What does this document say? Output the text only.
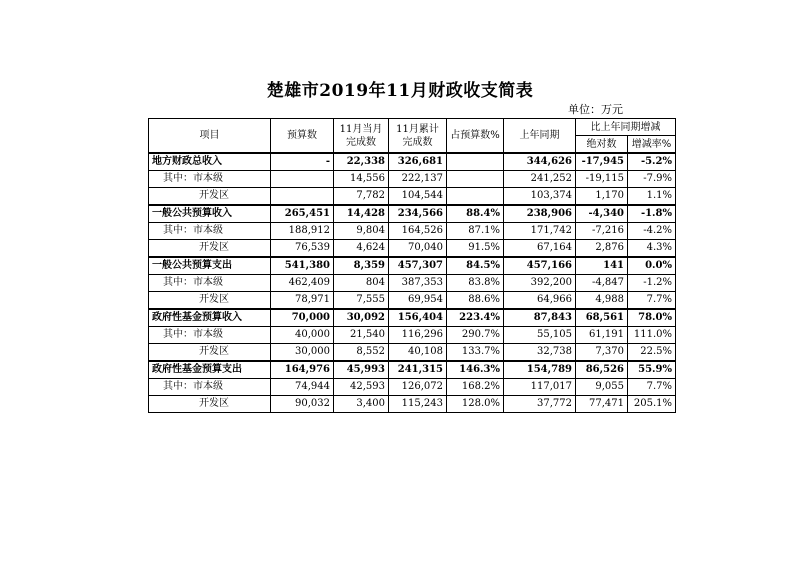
楚雄市2019年11月财政收支简表
单位：万元
项目	预算数	11月当月完成数	11月累计完成数	占预算数%	上年同期	比上年同期增减	
						绝对数	增减率%
地方财政总收入	-	22,338	326,681		344,626	-17,945	-5.2%
其中：市本级		14,556	222,137		241,252	-19,115	-7.9%
开发区		7,782	104,544		103,374	1,170	1.1%
一般公共预算收入	265,451	14,428	234,566	88.4%	238,906	-4,340	-1.8%
其中：市本级	188,912	9,804	164,526	87.1%	171,742	-7,216	-4.2%
开发区	76,539	4,624	70,040	91.5%	67,164	2,876	4.3%
一般公共预算支出	541,380	8,359	457,307	84.5%	457,166	141	0.0%
其中：市本级	462,409	804	387,353	83.8%	392,200	-4,847	-1.2%
开发区	78,971	7,555	69,954	88.6%	64,966	4,988	7.7%
政府性基金预算收入	70,000	30,092	156,404	223.4%	87,843	68,561	78.0%
其中：市本级	40,000	21,540	116,296	290.7%	55,105	61,191	111.0%
开发区	30,000	8,552	40,108	133.7%	32,738	7,370	22.5%
政府性基金预算支出	164,976	45,993	241,315	146.3%	154,789	86,526	55.9%
其中：市本级	74,944	42,593	126,072	168.2%	117,017	9,055	7.7%
开发区	90,032	3,400	115,243	128.0%	37,772	77,471	205.1%
